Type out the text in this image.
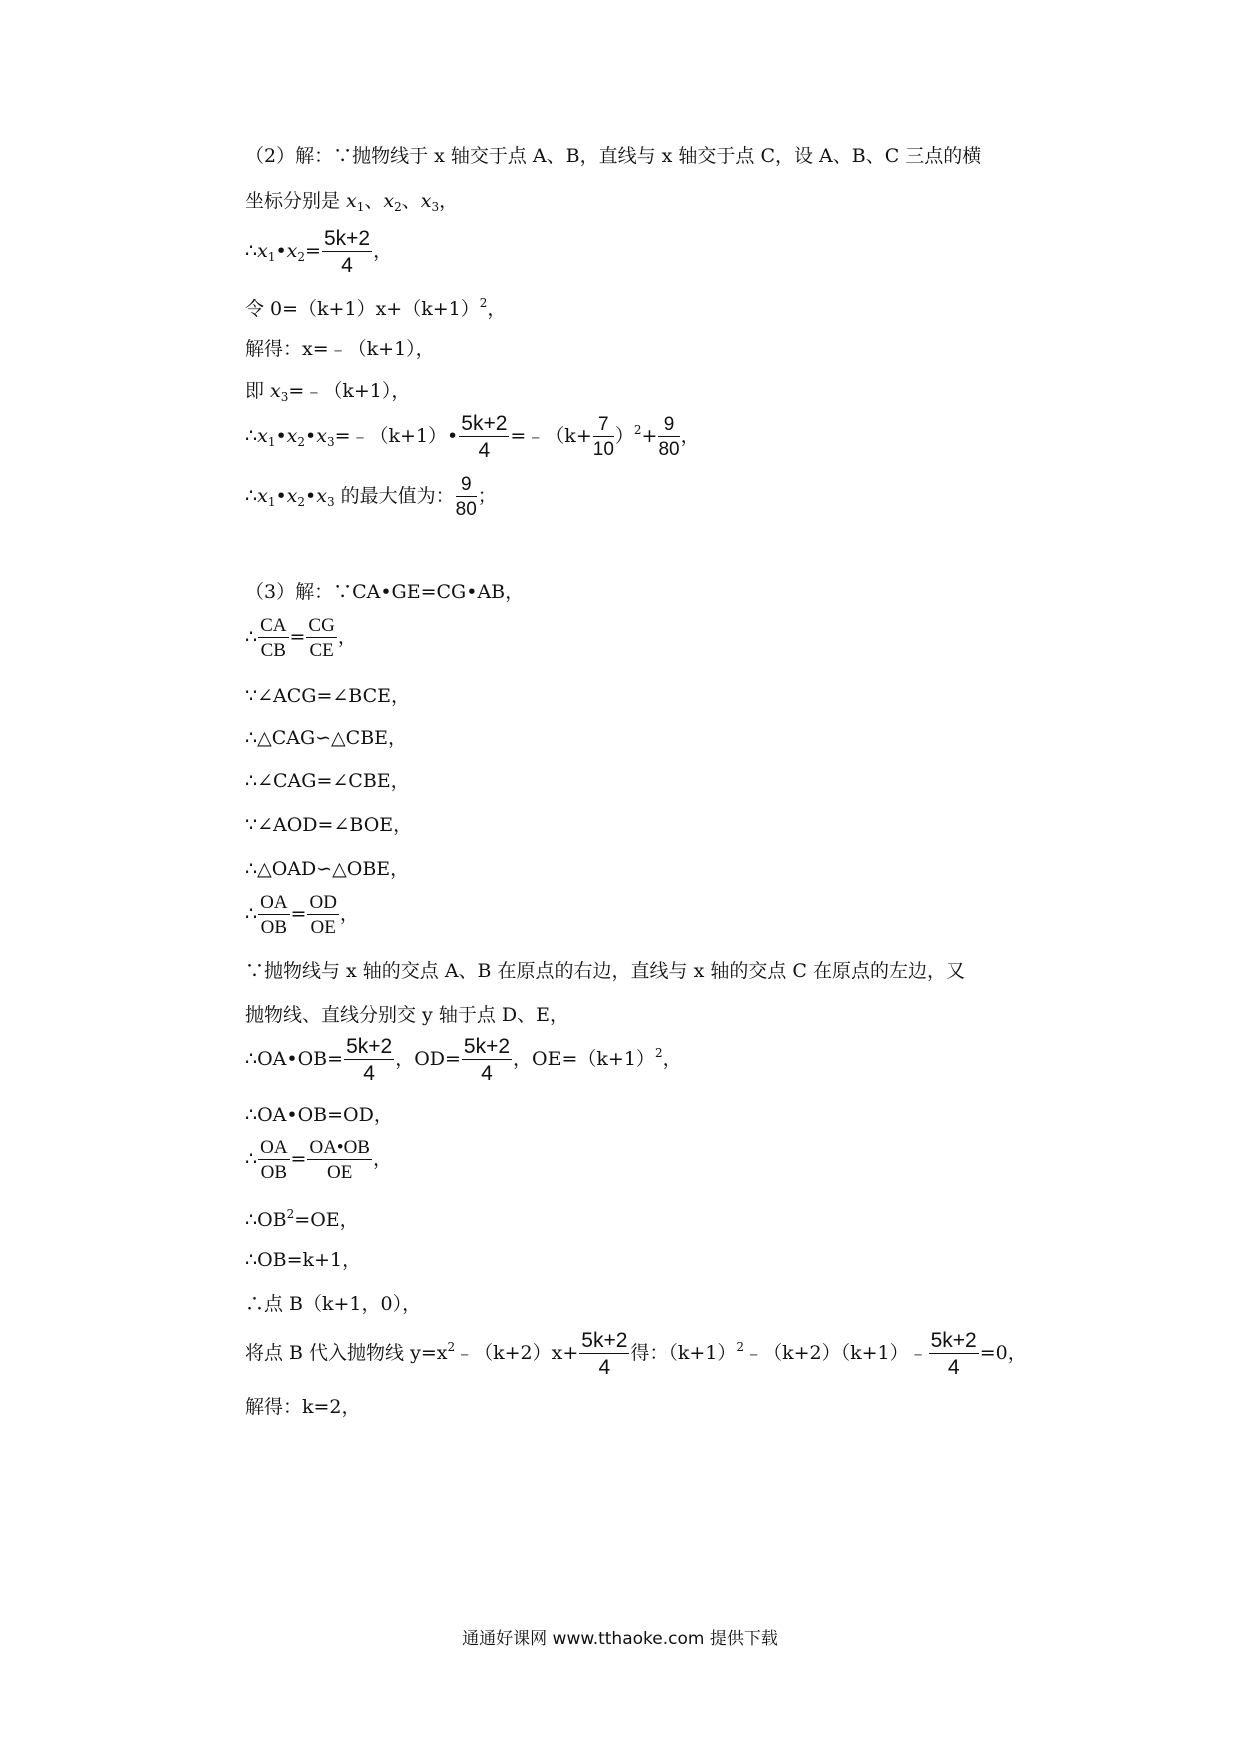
（2）解：∵抛物线于 x 轴交于点 A、B，直线与 x 轴交于点 C，设 A、B、C 三点的横
坐标分别是 $x_1$、$x_2$、$x_3$，
$\therefore x_1•x_2= \frac{5k+2}{4}$ ，
令 $0=(k+1)x+(k+1)^2$，
解得：x=﹣（k+1），
即 $x_3=﹣(k+1)$，
$\therefore x_1•x_2•x_3=﹣(k+1)• \frac{5k+2}{4}$ =﹣（k+ $\frac{7}{10} )^2+ \frac{9}{80}$ ，
$\therefore x_1•x_2•x_3$ 的最大值为： $\frac{9}{80}$ ；
（3）解：∵CA•GE=CG•AB，
∴ $\frac{CA}{CB} = \frac{CG}{CE}$ ，
∵∠ACG=∠BCE，
∴△CAG∽△CBE，
∴∠CAG=∠CBE，
∵∠AOD=∠BOE，
∴△OAD∽△OBE，
∴ $\frac{OA}{OB} = \frac{OD}{OE}$ ，
∵抛物线与 x 轴的交点 A、B 在原点的右边，直线与 x 轴的交点 C 在原点的左边，又
抛物线、直线分别交 y 轴于点 D、E，
∴OA•OB= $\frac{5k+2}{4}$ ，$OD= \frac{5k+2}{4}$ ，$OE=(k+1)^2$，
∴OA•OB=OD，
∴ $\frac{OA}{OB} = \frac{OA•OB}{OE}$ ，
$\therefore OB^2=OE$，
∴OB=k+1，
∴点 B（k+1，0），
将点 B 代入抛物线 $y=x^2﹣(k+2)x+ \frac{5k+2}{4}$ 得：$(k+1)^2﹣(k+2)(k+1)﹣ \frac{5k+2}{4} =0$，
解得：k=2，
通通好课网 www.tthaoke.com 提供下载
